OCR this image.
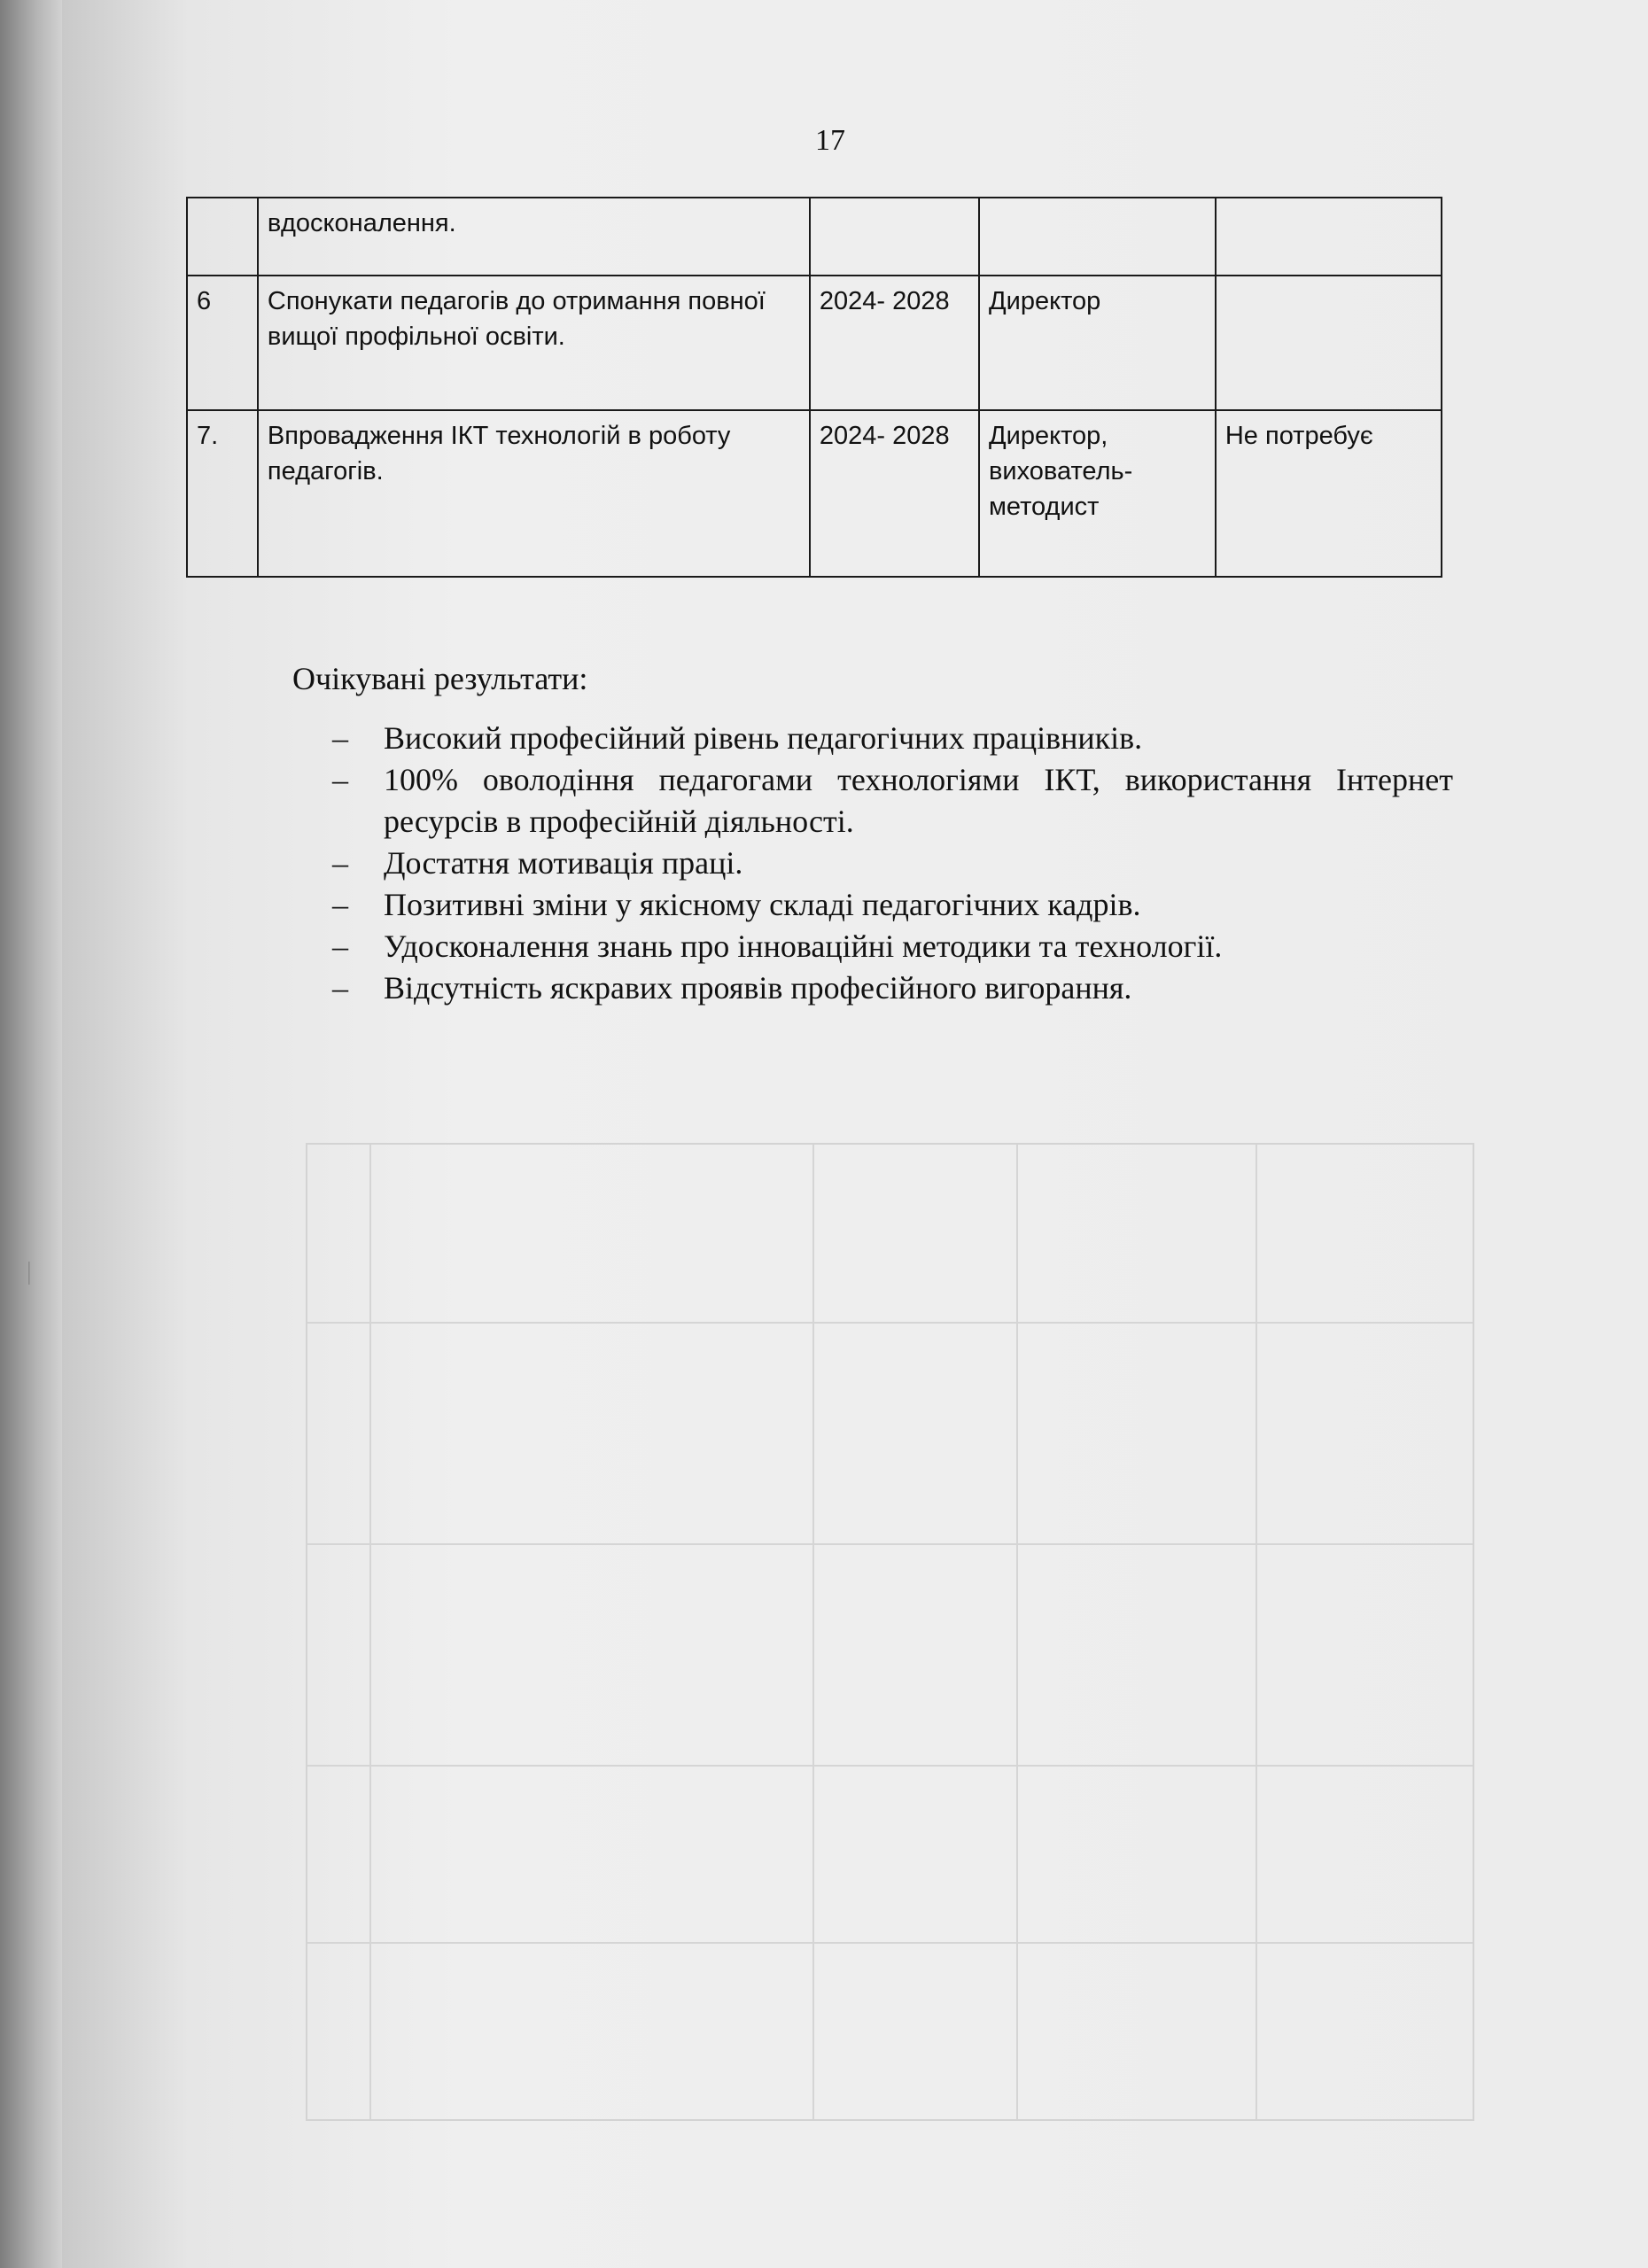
|
17
	вдосконалення.			
6	Спонукати педагогів до отримання повної вищої профільної освіти.	2024- 2028	Директор	
7.	Впровадження ІКТ технологій в роботу педагогів.	2024- 2028	Директор, вихователь-методист	Не потребує
Очікувані результати:
– Високий професійний рівень педагогічних працівників.
– 100% оволодіння педагогами технологіями ІКТ, використання Інтернет ресурсів в професійній діяльності.
– Достатня мотивація праці.
– Позитивні зміни у якісному складі педагогічних кадрів.
– Удосконалення знань про інноваційні методики та технології.
– Відсутність яскравих проявів професійного вигорання.
